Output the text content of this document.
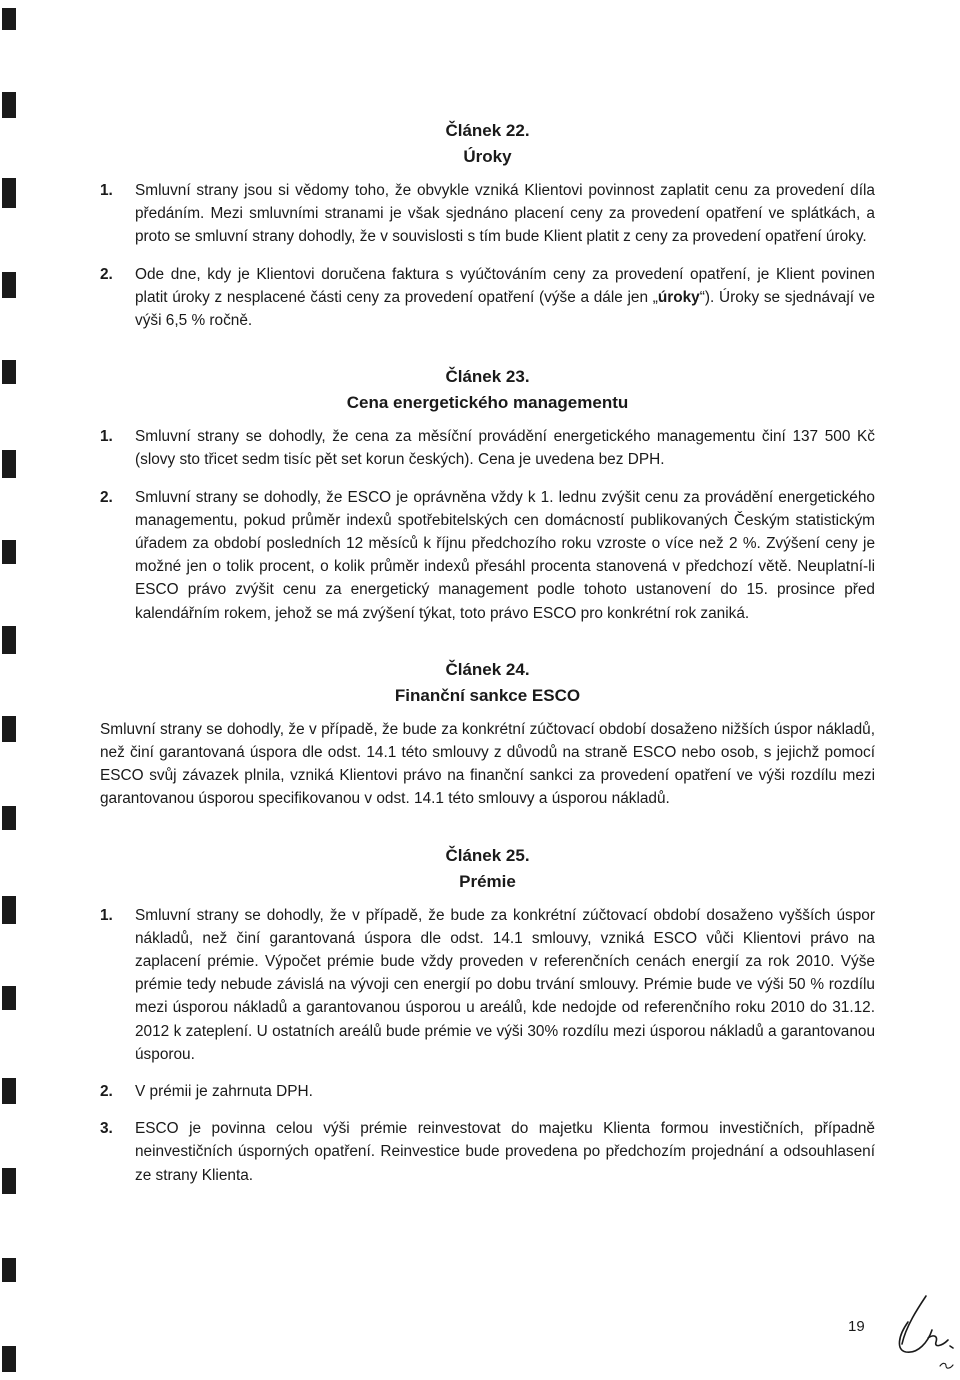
Článek 22.
Úroky
1. Smluvní strany jsou si vědomy toho, že obvykle vzniká Klientovi povinnost zaplatit cenu za provedení díla předáním. Mezi smluvními stranami je však sjednáno placení ceny za provedení opatření ve splátkách, a proto se smluvní strany dohodly, že v souvislosti s tím bude Klient platit z ceny za provedení opatření úroky.
2. Ode dne, kdy je Klientovi doručena faktura s vyúčtováním ceny za provedení opatření, je Klient povinen platit úroky z nesplacené části ceny za provedení opatření (výše a dále jen „úroky“). Úroky se sjednávají ve výši 6,5 % ročně.
Článek 23.
Cena energetického managementu
1. Smluvní strany se dohodly, že cena za měsíční provádění energetického managementu činí 137 500 Kč (slovy sto třicet sedm tisíc pět set korun českých). Cena je uvedena bez DPH.
2. Smluvní strany se dohodly, že ESCO je oprávněna vždy k 1. lednu zvýšit cenu za provádění energetického managementu, pokud průměr indexů spotřebitelských cen domácností publikovaných Českým statistickým úřadem za období posledních 12 měsíců k říjnu předchozího roku vzroste o více než 2 %. Zvýšení ceny je možné jen o tolik procent, o kolik průměr indexů přesáhl procenta stanovená v předchozí větě. Neuplatní-li ESCO právo zvýšit cenu za energetický management podle tohoto ustanovení do 15. prosince před kalendářním rokem, jehož se má zvýšení týkat, toto právo ESCO pro konkrétní rok zaniká.
Článek 24.
Finanční sankce ESCO
Smluvní strany se dohodly, že v případě, že bude za konkrétní zúčtovací období dosaženo nižších úspor nákladů, než činí garantovaná úspora dle odst. 14.1 této smlouvy z důvodů na straně ESCO nebo osob, s jejichž pomocí ESCO svůj závazek plnila, vzniká Klientovi právo na finanční sankci za provedení opatření ve výši rozdílu mezi garantovanou úsporou specifikovanou v odst. 14.1 této smlouvy a úsporou nákladů.
Článek 25.
Prémie
1. Smluvní strany se dohodly, že v případě, že bude za konkrétní zúčtovací období dosaženo vyšších úspor nákladů, než činí garantovaná úspora dle odst. 14.1 smlouvy, vzniká ESCO vůči Klientovi právo na zaplacení prémie. Výpočet prémie bude vždy proveden v referenčních cenách energií za rok 2010. Výše prémie tedy nebude závislá na vývoji cen energií po dobu trvání smlouvy. Prémie bude ve výši 50 % rozdílu mezi úsporou nákladů a garantovanou úsporou u areálů, kde nedojde od referenčního roku 2010 do 31.12. 2012 k zateplení. U ostatních areálů bude prémie ve výši 30% rozdílu mezi úsporou nákladů a garantovanou úsporou.
2. V prémii je zahrnuta DPH.
3. ESCO je povinna celou výši prémie reinvestovat do majetku Klienta formou investičních, případně neinvestičních úsporných opatření. Reinvestice bude provedena po předchozím projednání a odsouhlasení ze strany Klienta.
19
